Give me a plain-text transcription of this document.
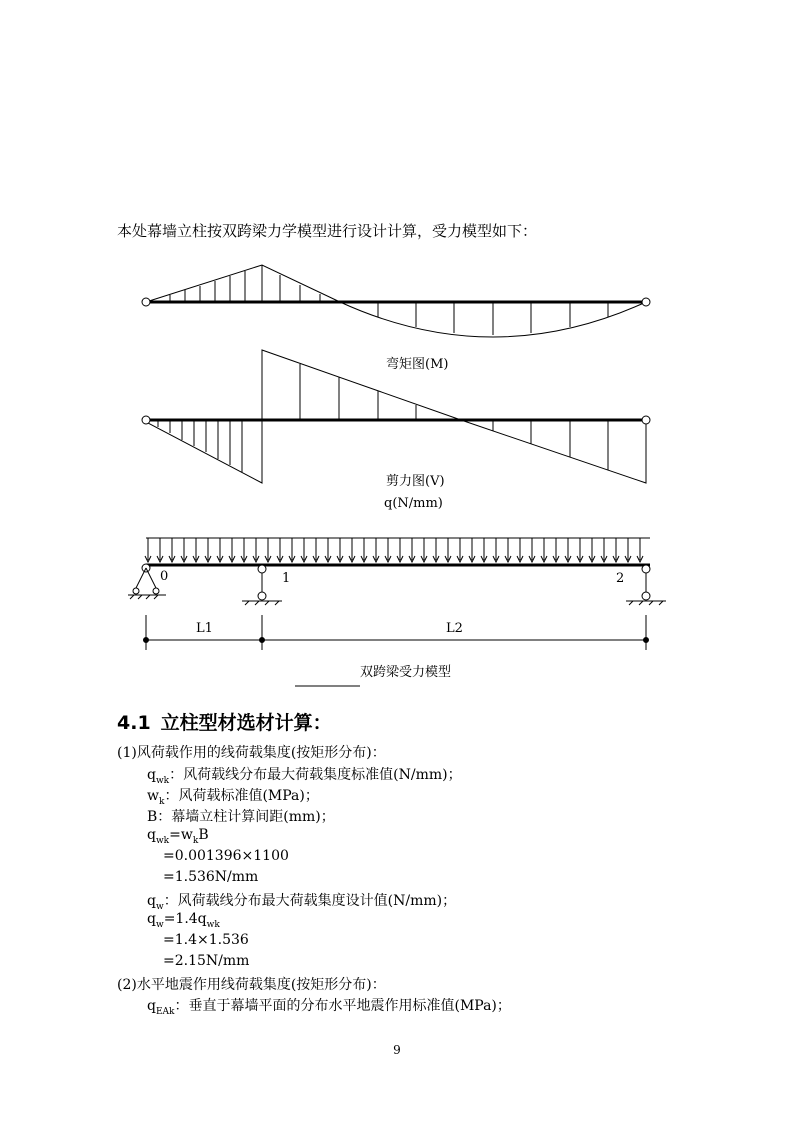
本处幕墙立柱按双跨梁力学模型进行设计计算，受力模型如下：
弯矩图(M)
剪力图(V)
q(N/mm)
0	1	2
L1	L2
双跨梁受力模型
4.1 立柱型材选材计算：
(1)风荷载作用的线荷载集度(按矩形分布)：
$q_{wk}$：风荷载线分布最大荷载集度标准值(N/mm)；
$w_k$：风荷载标准值(MPa)；
B：幕墙立柱计算间距(mm)；
$q_{wk}=w_kB$
=0.001396×1100
=1.536N/mm
$q_w$：风荷载线分布最大荷载集度设计值(N/mm)；
$q_w=1.4q_{wk}$
=1.4×1.536
=2.15N/mm
(2)水平地震作用线荷载集度(按矩形分布)：
$q_{EAk}$：垂直于幕墙平面的分布水平地震作用标准值(MPa)；
9
